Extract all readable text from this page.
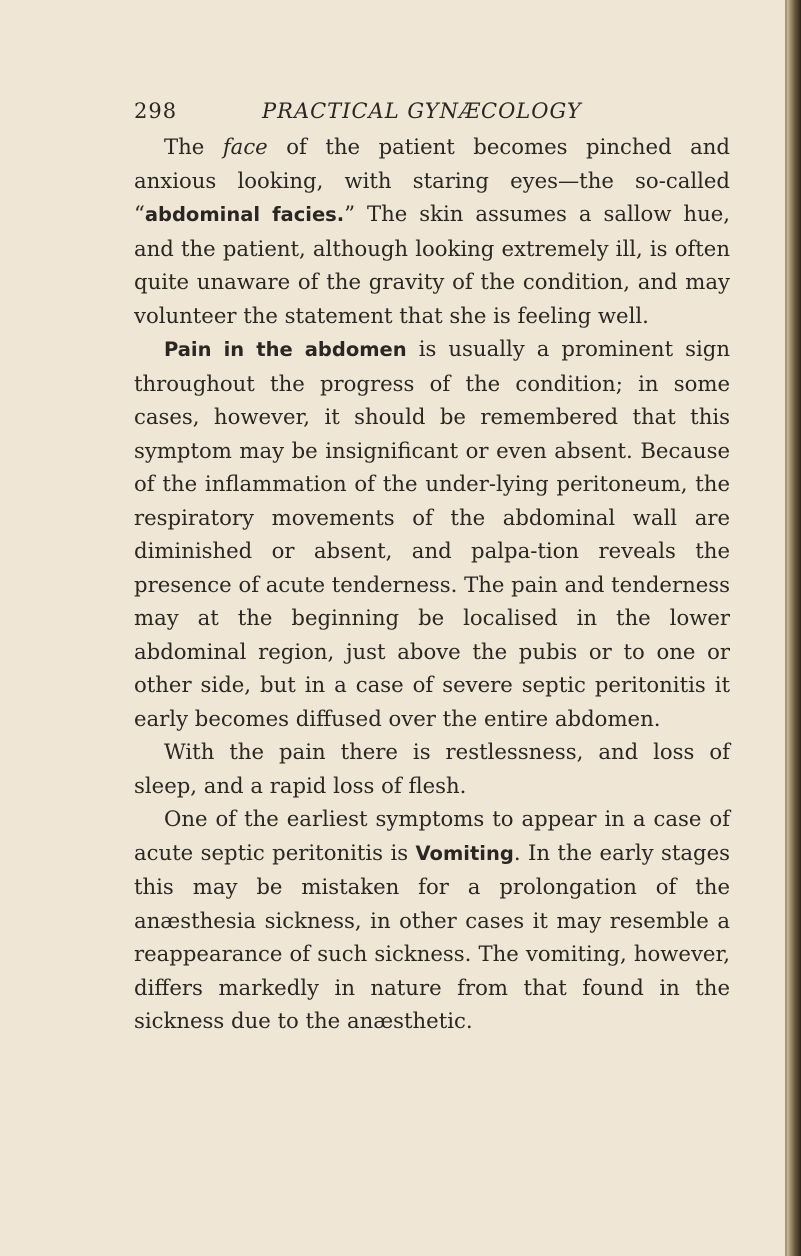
298	PRACTICAL GYNÆCOLOGY

The face of the patient becomes pinched and anxious looking, with staring eyes—the so-called “abdominal facies.” The skin assumes a sallow hue, and the patient, although looking extremely ill, is often quite unaware of the gravity of the condition, and may volunteer the statement that she is feeling well.

Pain in the abdomen is usually a prominent sign throughout the progress of the condition; in some cases, however, it should be remembered that this symptom may be insignificant or even absent. Because of the inflammation of the under-lying peritoneum, the respiratory movements of the abdominal wall are diminished or absent, and palpa-tion reveals the presence of acute tenderness. The pain and tenderness may at the beginning be localised in the lower abdominal region, just above the pubis or to one or other side, but in a case of severe septic peritonitis it early becomes diffused over the entire abdomen.

With the pain there is restlessness, and loss of sleep, and a rapid loss of flesh.

One of the earliest symptoms to appear in a case of acute septic peritonitis is Vomiting. In the early stages this may be mistaken for a prolongation of the anæsthesia sickness, in other cases it may resemble a reappearance of such sickness. The vomiting, however, differs markedly in nature from that found in the sickness due to the anæsthetic.
